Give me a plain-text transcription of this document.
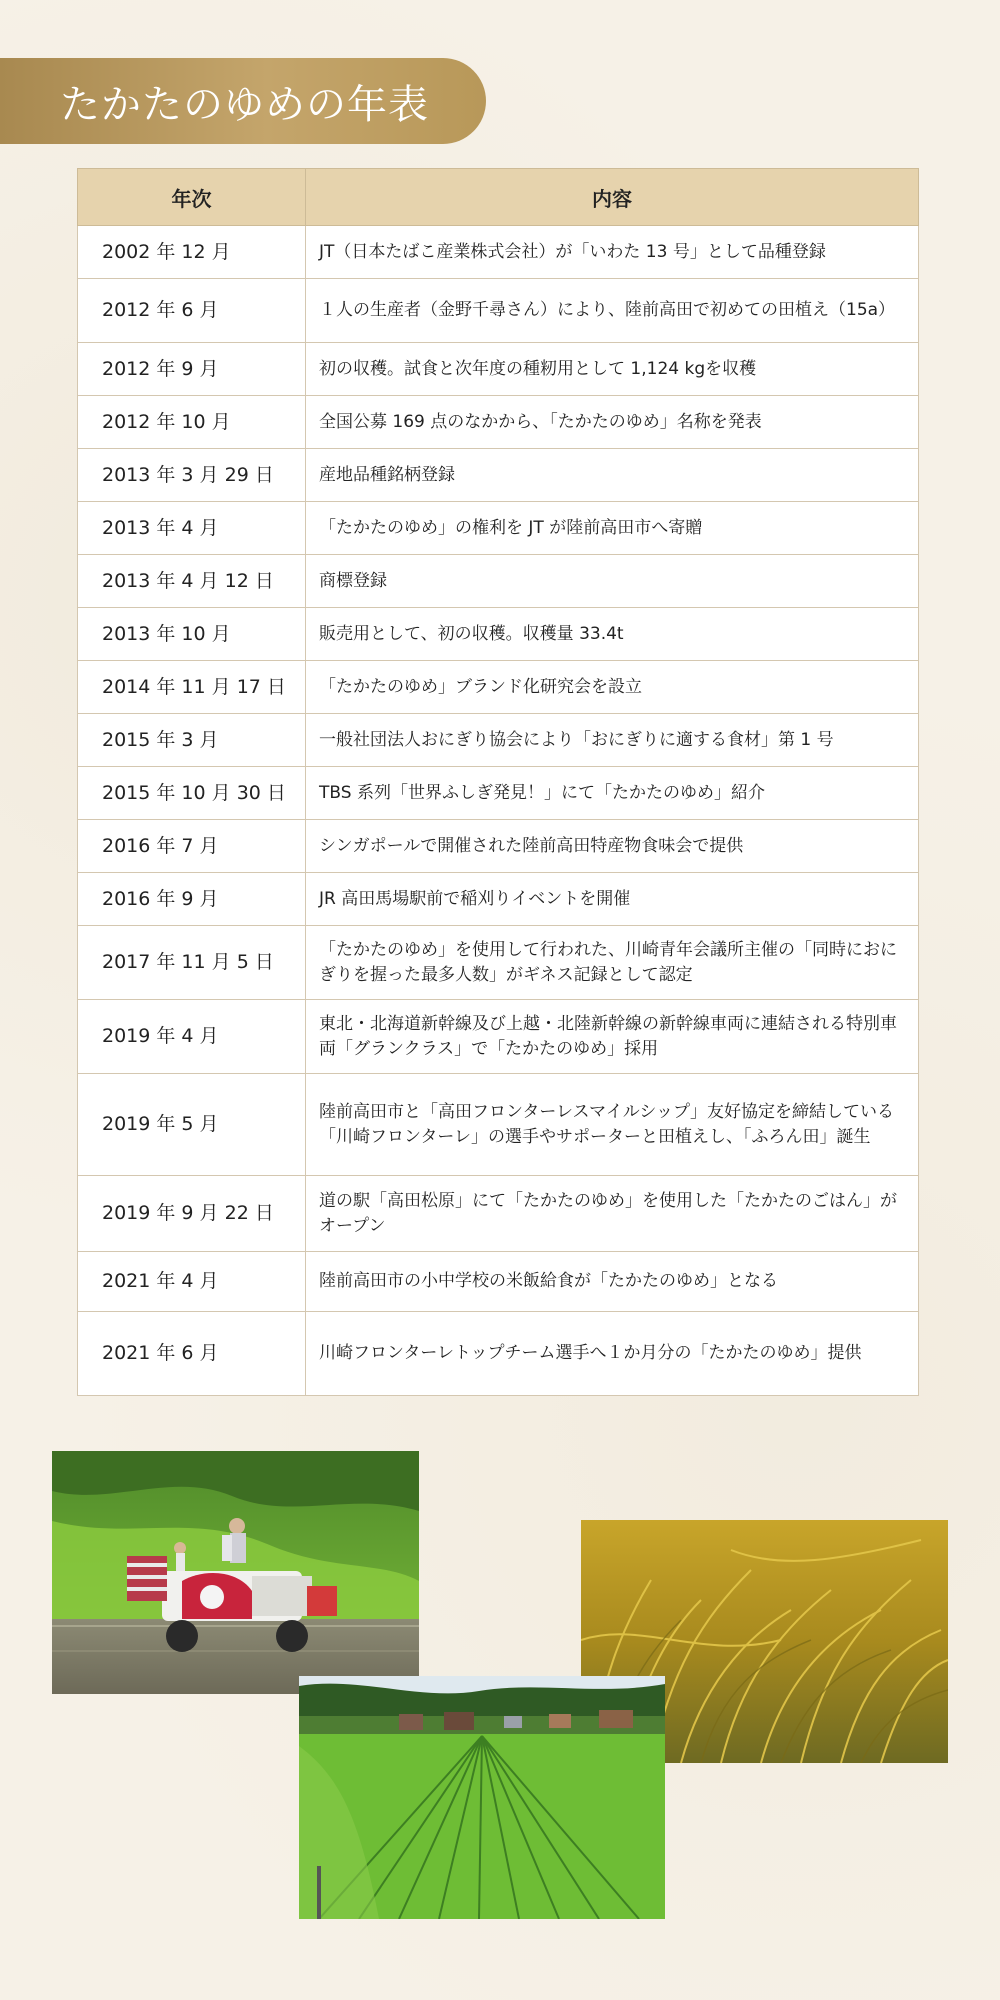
たかたのゆめの年表
年次	内容
2002 年 12 月	JT（日本たばこ産業株式会社）が「いわた 13 号」として品種登録
2012 年 6 月	１人の生産者（金野千尋さん）により、陸前高田で初めての田植え（15a）
2012 年 9 月	初の収穫。試食と次年度の種籾用として 1,124 kgを収穫
2012 年 10 月	全国公募 169 点のなかから、「たかたのゆめ」名称を発表
2013 年 3 月 29 日	産地品種銘柄登録
2013 年 4 月	「たかたのゆめ」の権利を JT が陸前高田市へ寄贈
2013 年 4 月 12 日	商標登録
2013 年 10 月	販売用として、初の収穫。収穫量 33.4t
2014 年 11 月 17 日	「たかたのゆめ」ブランド化研究会を設立
2015 年 3 月	一般社団法人おにぎり協会により「おにぎりに適する食材」第 1 号
2015 年 10 月 30 日	TBS 系列「世界ふしぎ発見！」にて「たかたのゆめ」紹介
2016 年 7 月	シンガポールで開催された陸前高田特産物食味会で提供
2016 年 9 月	JR 高田馬場駅前で稲刈りイベントを開催
2017 年 11 月 5 日	「たかたのゆめ」を使用して行われた、川崎青年会議所主催の「同時におにぎりを握った最多人数」がギネス記録として認定
2019 年 4 月	東北・北海道新幹線及び上越・北陸新幹線の新幹線車両に連結される特別車両「グランクラス」で「たかたのゆめ」採用
2019 年 5 月	陸前高田市と「高田フロンターレスマイルシップ」友好協定を締結している「川崎フロンターレ」の選手やサポーターと田植えし、「ふろん田」誕生
2019 年 9 月 22 日	道の駅「高田松原」にて「たかたのゆめ」を使用した「たかたのごはん」がオープン
2021 年 4 月	陸前高田市の小中学校の米飯給食が「たかたのゆめ」となる
2021 年 6 月	川崎フロンターレトップチーム選手へ１か月分の「たかたのゆめ」提供
